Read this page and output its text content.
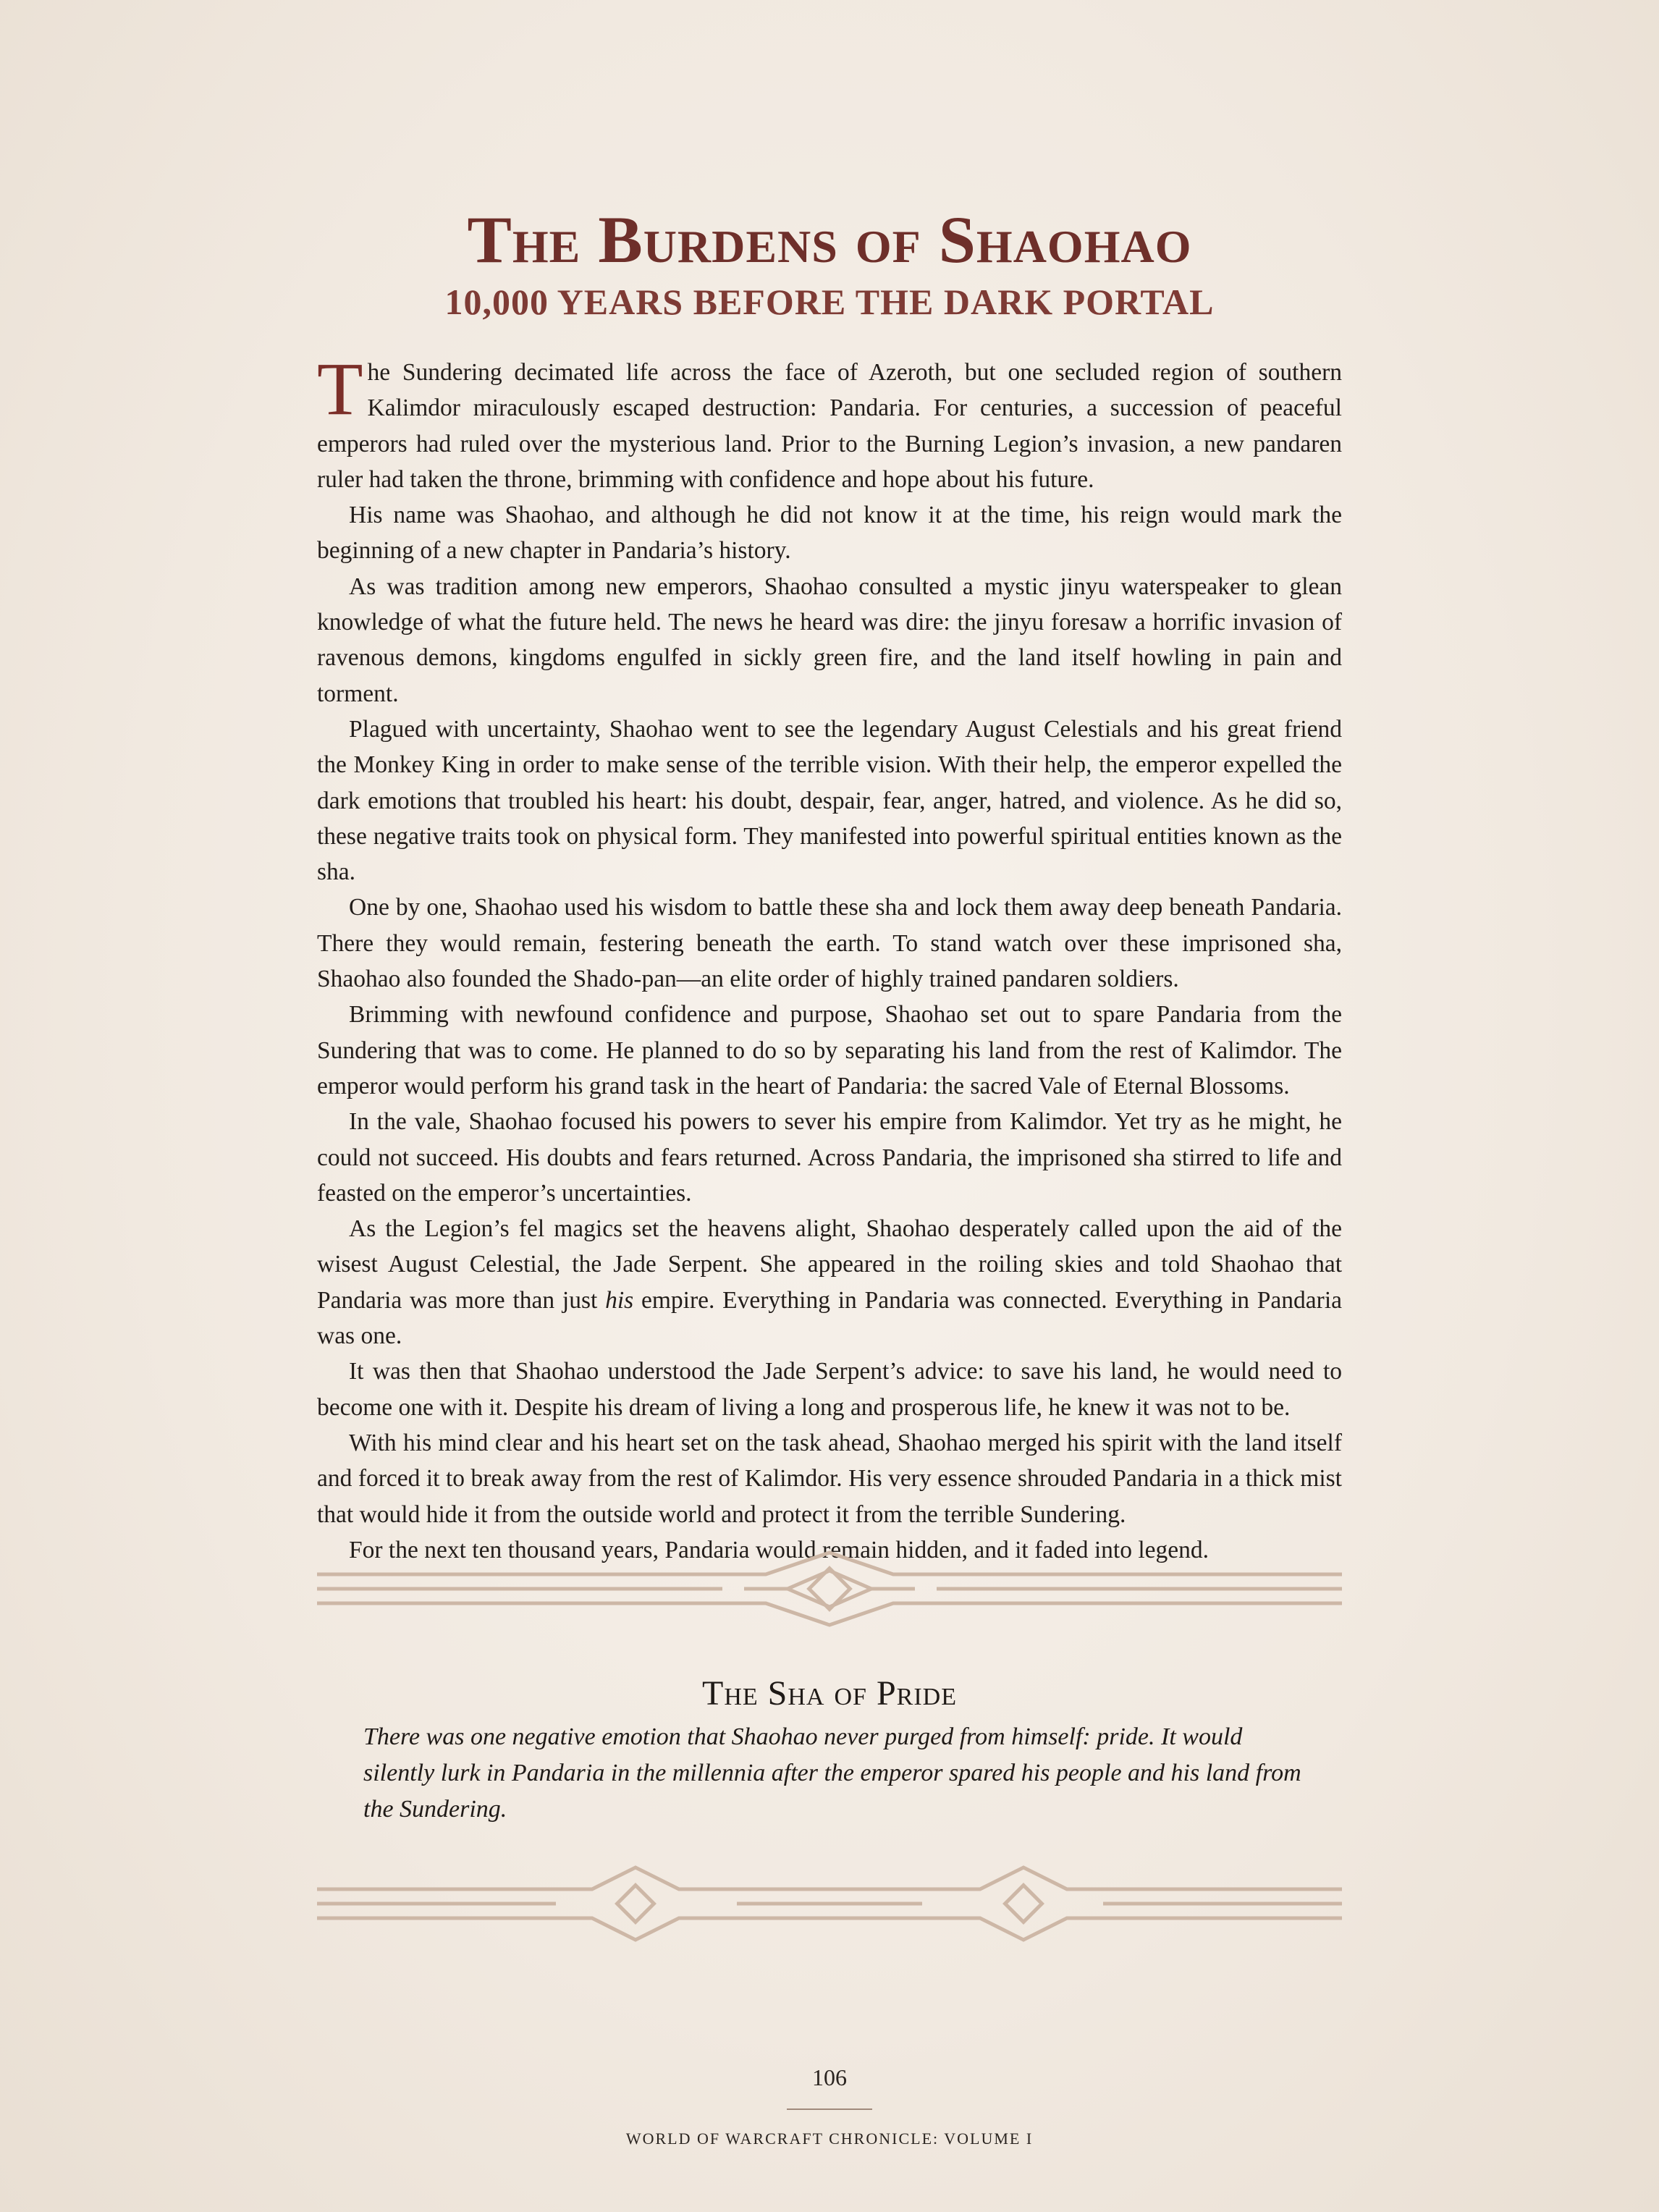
The Burdens of Shaohao
10,000 YEARS BEFORE THE DARK PORTAL

The Sundering decimated life across the face of Azeroth, but one secluded region of southern Kalimdor miraculously escaped destruction: Pandaria. For centuries, a succession of peaceful emperors had ruled over the mysterious land. Prior to the Burning Legion’s invasion, a new pandaren ruler had taken the throne, brimming with confidence and hope about his future.

His name was Shaohao, and although he did not know it at the time, his reign would mark the beginning of a new chapter in Pandaria’s history.

As was tradition among new emperors, Shaohao consulted a mystic jinyu waterspeaker to glean knowledge of what the future held. The news he heard was dire: the jinyu foresaw a horrific invasion of ravenous demons, kingdoms engulfed in sickly green fire, and the land itself howling in pain and torment.

Plagued with uncertainty, Shaohao went to see the legendary August Celestials and his great friend the Monkey King in order to make sense of the terrible vision. With their help, the emperor expelled the dark emotions that troubled his heart: his doubt, despair, fear, anger, hatred, and violence. As he did so, these negative traits took on physical form. They manifested into powerful spiritual entities known as the sha.

One by one, Shaohao used his wisdom to battle these sha and lock them away deep beneath Pandaria. There they would remain, festering beneath the earth. To stand watch over these imprisoned sha, Shaohao also founded the Shado-pan—an elite order of highly trained pandaren soldiers.

Brimming with newfound confidence and purpose, Shaohao set out to spare Pandaria from the Sundering that was to come. He planned to do so by separating his land from the rest of Kalimdor. The emperor would perform his grand task in the heart of Pandaria: the sacred Vale of Eternal Blossoms.

In the vale, Shaohao focused his powers to sever his empire from Kalimdor. Yet try as he might, he could not succeed. His doubts and fears returned. Across Pandaria, the imprisoned sha stirred to life and feasted on the emperor’s uncertainties.

As the Legion’s fel magics set the heavens alight, Shaohao desperately called upon the aid of the wisest August Celestial, the Jade Serpent. She appeared in the roiling skies and told Shaohao that Pandaria was more than just his empire. Everything in Pandaria was connected. Everything in Pandaria was one.

It was then that Shaohao understood the Jade Serpent’s advice: to save his land, he would need to become one with it. Despite his dream of living a long and prosperous life, he knew it was not to be.

With his mind clear and his heart set on the task ahead, Shaohao merged his spirit with the land itself and forced it to break away from the rest of Kalimdor. His very essence shrouded Pandaria in a thick mist that would hide it from the outside world and protect it from the terrible Sundering.

For the next ten thousand years, Pandaria would remain hidden, and it faded into legend.

The Sha of Pride
There was one negative emotion that Shaohao never purged from himself: pride. It would silently lurk in Pandaria in the millennia after the emperor spared his people and his land from the Sundering.
106
WORLD OF WARCRAFT CHRONICLE: VOLUME I
